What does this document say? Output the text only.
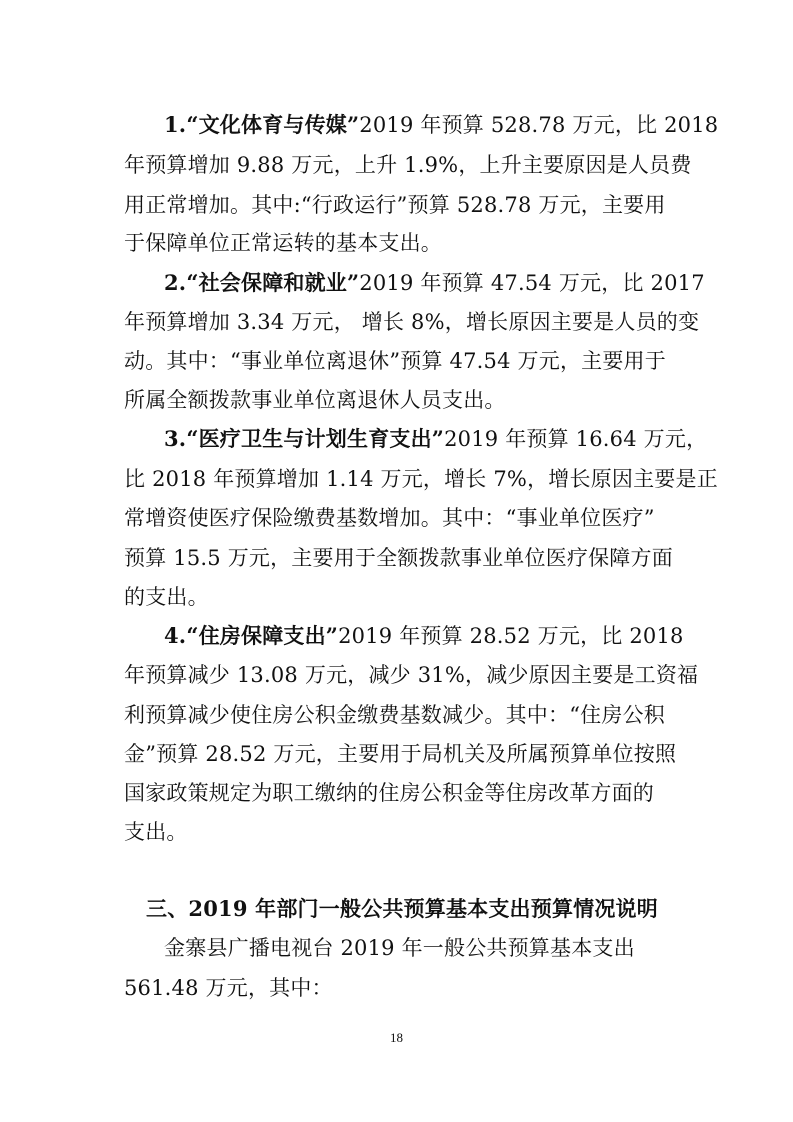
1.“文化体育与传媒”2019 年预算 528.78 万元，比 2018
年预算增加 9.88 万元，上升 1.9%，上升主要原因是人员费
用正常增加。其中:“行政运行”预算 528.78 万元，主要用
于保障单位正常运转的基本支出。
2.“社会保障和就业”2019 年预算 47.54 万元，比 2017
年预算增加 3.34 万元， 增长 8%，增长原因主要是人员的变
动。其中：“事业单位离退休”预算 47.54 万元，主要用于
所属全额拨款事业单位离退休人员支出。
3.“医疗卫生与计划生育支出”2019 年预算 16.64 万元，
比 2018 年预算增加 1.14 万元，增长 7%，增长原因主要是正
常增资使医疗保险缴费基数增加。其中：“事业单位医疗”
预算 15.5 万元，主要用于全额拨款事业单位医疗保障方面
的支出。
4.“住房保障支出”2019 年预算 28.52 万元，比 2018
年预算减少 13.08 万元，减少 31%，减少原因主要是工资福
利预算减少使住房公积金缴费基数减少。其中：“住房公积
金”预算 28.52 万元，主要用于局机关及所属预算单位按照
国家政策规定为职工缴纳的住房公积金等住房改革方面的
支出。
三、2019 年部门一般公共预算基本支出预算情况说明
金寨县广播电视台 2019 年一般公共预算基本支出
561.48 万元，其中：
18
